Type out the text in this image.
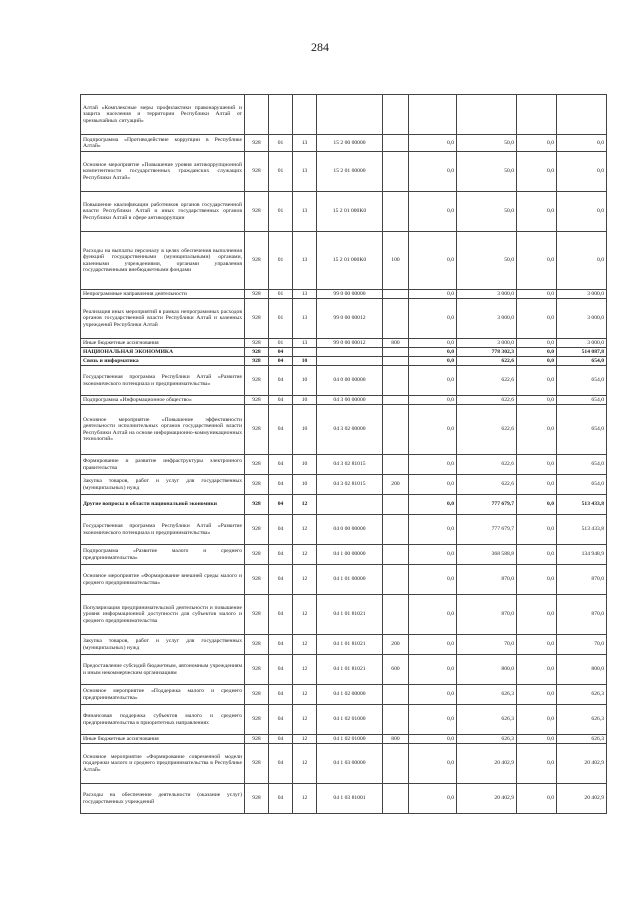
284
Алтай «Комплексные меры профилактики правонарушений и защита населения и территории Республики Алтай от чрезвычайных ситуаций»									
Подпрограмма «Противодействие коррупции в Республике Алтай»	928	01	13	15 2 00 00000		0,0	50,0	0,0	0,0
Основное мероприятие «Повышение уровня антикоррупционной компетентности государственных гражданских служащих Республики Алтай»	928	01	13	15 2 01 00000		0,0	50,0	0,0	0,0
Повышение квалификации работников органов государственной власти Республики Алтай и иных государственных органов Республики Алтай в сфере антикоррупции	928	01	13	15 2 01 000K0		0,0	50,0	0,0	0,0
Расходы на выплаты персоналу в целях обеспечения выполнения функций государственными (муниципальными) органами, казенными учреждениями, органами управления государственными внебюджетными фондами	928	01	13	15 2 01 000K0	100	0,0	50,0	0,0	0,0
Непрограммные направления деятельности	928	01	13	99 0 00 00000		0,0	3 000,0	0,0	3 000,0
Реализация иных мероприятий в рамках непрограммных расходов органов государственной власти Республики Алтай и казенных учреждений Республики Алтай	928	01	13	99 0 00 00012		0,0	3 000,0	0,0	3 000,0
Иные бюджетные ассигнования	928	01	13	99 0 00 00012	800	0,0	3 000,0	0,0	3 000,0
НАЦИОНАЛЬНАЯ ЭКОНОМИКА	928	04				0,0	778 302,3	0,0	514 087,8
Связь и информатика	928	04	10			0,0	622,6	0,0	654,0
Государственная программа Республики Алтай «Развитие экономического потенциала и предпринимательства»	928	04	10	04 0 00 00000		0,0	622,6	0,0	654,0
Подпрограмма «Информационное общество»	928	04	10	04 3 00 00000		0,0	622,6	0,0	654,0
Основное мероприятие «Повышение эффективности деятельности исполнительных органов государственной власти Республики Алтай на основе информационно-коммуникационных технологий»	928	04	10	04 3 02 00000		0,0	622,6	0,0	654,0
Формирование и развитие инфраструктуры электронного правительства	928	04	10	04 3 02 81015		0,0	622,6	0,0	654,0
Закупка товаров, работ и услуг для государственных (муниципальных) нужд	928	04	10	04 3 02 81015	200	0,0	622,6	0,0	654,0
Другие вопросы в области национальной экономики	928	04	12			0,0	777 679,7	0,0	513 433,8
Государственная программа Республики Алтай «Развитие экономического потенциала и предпринимательства»	928	04	12	04 0 00 00000		0,0	777 679,7	0,0	513 433,8
Подпрограмма «Развитие малого и среднего предпринимательства»	928	04	12	04 1 00 00000		0,0	368 588,8	0,0	134 948,9
Основное мероприятие «Формирование внешней среды малого и среднего предпринимательства»	928	04	12	04 1 01 00000		0,0	870,0	0,0	870,0
Популяризация предпринимательской деятельности и повышение уровня информационной доступности для субъектов малого и среднего предпринимательства	928	04	12	04 1 01 81021		0,0	870,0	0,0	870,0
Закупка товаров, работ и услуг для государственных (муниципальных) нужд	928	04	12	04 1 01 81021	200	0,0	70,0	0,0	70,0
Предоставление субсидий бюджетным, автономным учреждениям и иным некоммерческим организациям	928	04	12	04 1 01 81021	600	0,0	800,0	0,0	800,0
Основное мероприятие «Поддержка малого и среднего предпринимательства»	928	04	12	04 1 02 00000		0,0	626,3	0,0	626,3
Финансовая поддержка субъектов малого и среднего предпринимательства в приоритетных направлениях	928	04	12	04 1 02 01000		0,0	626,3	0,0	626,3
Иные бюджетные ассигнования	928	04	12	04 1 02 01000	800	0,0	626,3	0,0	626,3
Основное мероприятие «Формирование современной модели поддержки малого и среднего предпринимательства в Республике Алтай»	928	04	12	04 1 03 00000		0,0	20 402,9	0,0	20 402,9
Расходы на обеспечение деятельности (оказание услуг) государственных учреждений	928	04	12	04 1 03 81001		0,0	20 402,9	0,0	20 402,9
